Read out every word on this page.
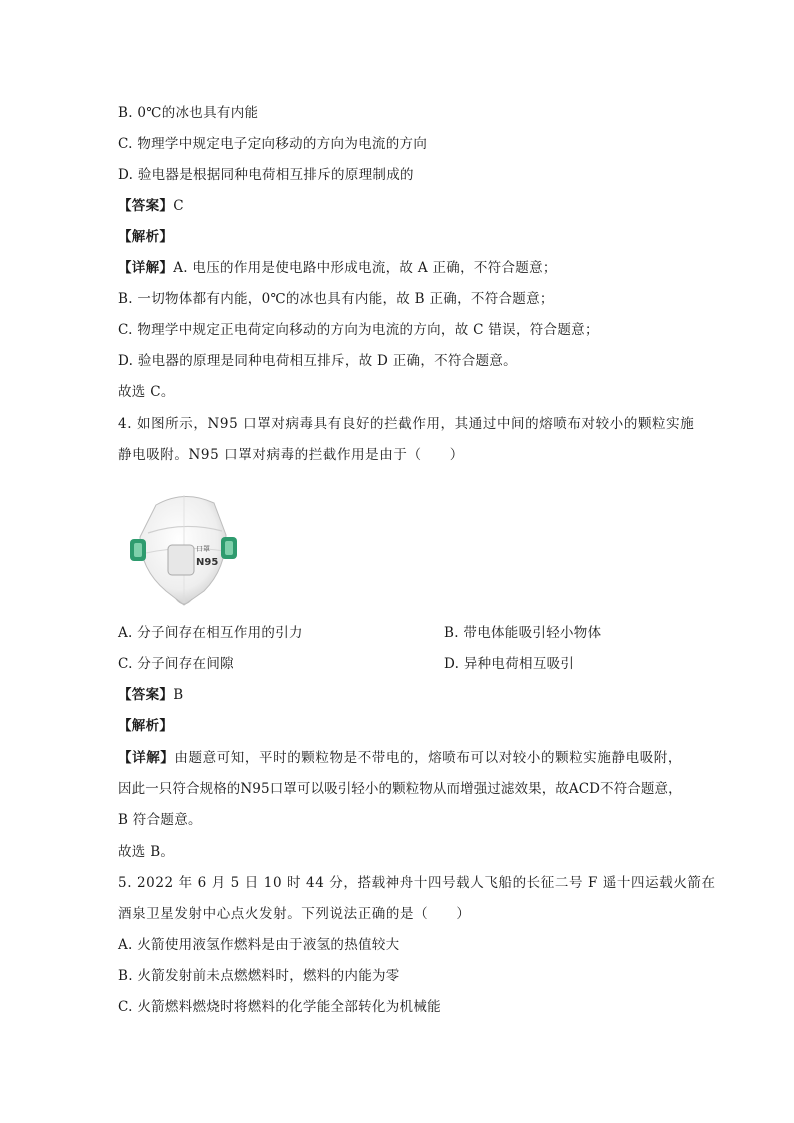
B. 0℃的冰也具有内能
C. 物理学中规定电子定向移动的方向为电流的方向
D. 验电器是根据同种电荷相互排斥的原理制成的
【答案】C
【解析】
【详解】A. 电压的作用是使电路中形成电流，故 A 正确，不符合题意；
B. 一切物体都有内能，0℃的冰也具有内能，故 B 正确，不符合题意；
C. 物理学中规定正电荷定向移动的方向为电流的方向，故 C 错误，符合题意；
D. 验电器的原理是同种电荷相互排斥，故 D 正确，不符合题意。
故选 C。
4. 如图所示，N95 口罩对病毒具有良好的拦截作用，其通过中间的熔喷布对较小的颗粒实施
静电吸附。N95 口罩对病毒的拦截作用是由于（　　）
口罩
N95
A. 分子间存在相互作用的引力	B. 带电体能吸引轻小物体
C. 分子间存在间隙	D. 异种电荷相互吸引
【答案】B
【解析】
【详解】由题意可知，平时的颗粒物是不带电的，熔喷布可以对较小的颗粒实施静电吸附，
因此一只符合规格的N95口罩可以吸引轻小的颗粒物从而增强过滤效果，故ACD不符合题意，
B 符合题意。
故选 B。
5. 2022 年 6 月 5 日 10 时 44 分，搭载神舟十四号载人飞船的长征二号 F 遥十四运载火箭在
酒泉卫星发射中心点火发射。下列说法正确的是（　　）
A. 火箭使用液氢作燃料是由于液氢的热值较大
B. 火箭发射前未点燃燃料时，燃料的内能为零
C. 火箭燃料燃烧时将燃料的化学能全部转化为机械能
